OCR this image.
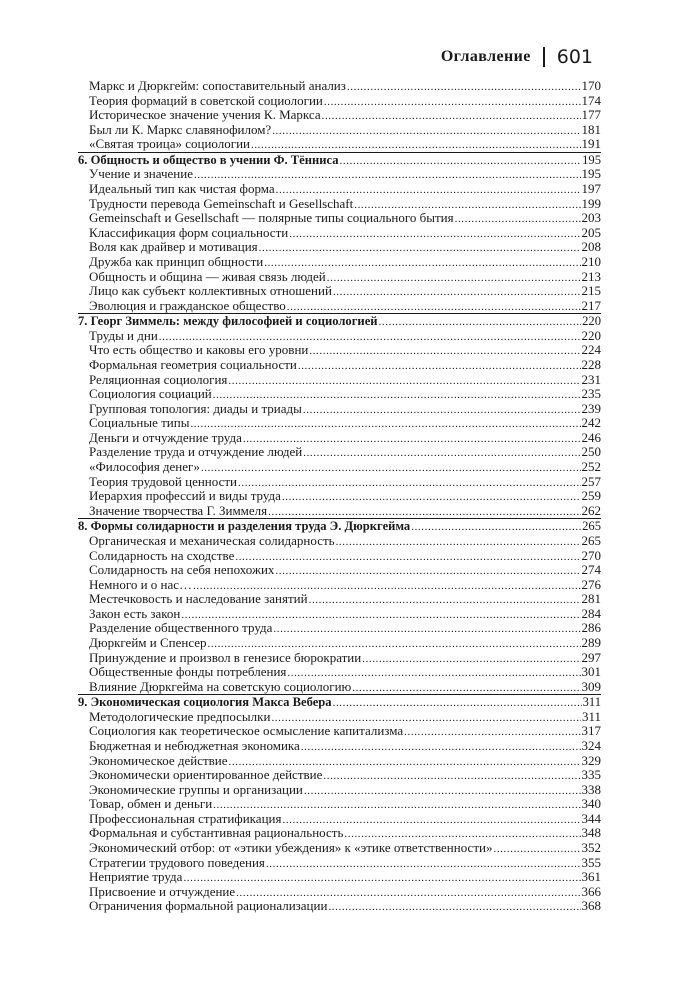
Оглавление 601
Маркс и Дюркгейм: сопоставительный анализ .....	170
Теория формаций в советской социологии .....	174
Историческое значение учения К. Маркса .....	177
Был ли К. Маркс славянофилом? .....	181
«Святая троица» социологии .....	191
6. Общность и общество в учении Ф. Тённиса .....	195
Учение и значение .....	195
Идеальный тип как чистая форма .....	197
Трудности перевода Gemeinschaft и Gesellschaft .....	199
Gemeinschaft и Gesellschaft — полярные типы социального бытия .....	203
Классификация форм социальности .....	205
Воля как драйвер и мотивация .....	208
Дружба как принцип общности .....	210
Общность и община — живая связь людей .....	213
Лицо как субъект коллективных отношений .....	215
Эволюция и гражданское общество .....	217
7. Георг Зиммель: между философией и социологией .....	220
Труды и дни .....	220
Что есть общество и каковы его уровни .....	224
Формальная геометрия социальности .....	228
Реляционная социология .....	231
Социология социаций .....	235
Групповая топология: диады и триады .....	239
Социальные типы .....	242
Деньги и отчуждение труда .....	246
Разделение труда и отчуждение людей .....	250
«Философия денег» .....	252
Теория трудовой ценности .....	257
Иерархия профессий и виды труда .....	259
Значение творчества Г. Зиммеля .....	262
8. Формы солидарности и разделения труда Э. Дюркгейма .....	265
Органическая и механическая солидарность .....	265
Солидарность на сходстве .....	270
Солидарность на себя непохожих .....	274
Немного и о нас… .....	276
Местечковость и наследование занятий .....	281
Закон есть закон .....	284
Разделение общественного труда .....	286
Дюркгейм и Спенсер .....	289
Принуждение и произвол в генезисе бюрократии .....	297
Общественные фонды потребления .....	301
Влияние Дюркгейма на советскую социологию .....	309
9. Экономическая социология Макса Вебера .....	311
Методологические предпосылки .....	311
Социология как теоретическое осмысление капитализма .....	317
Бюджетная и небюджетная экономика .....	324
Экономическое действие .....	329
Экономически ориентированное действие .....	335
Экономические группы и организации .....	338
Товар, обмен и деньги .....	340
Профессиональная стратификация .....	344
Формальная и субстантивная рациональность .....	348
Экономический отбор: от «этики убеждения» к «этике ответственности» .....	352
Стратегии трудового поведения .....	355
Неприятие труда .....	361
Присвоение и отчуждение .....	366
Ограничения формальной рационализации .....	368
